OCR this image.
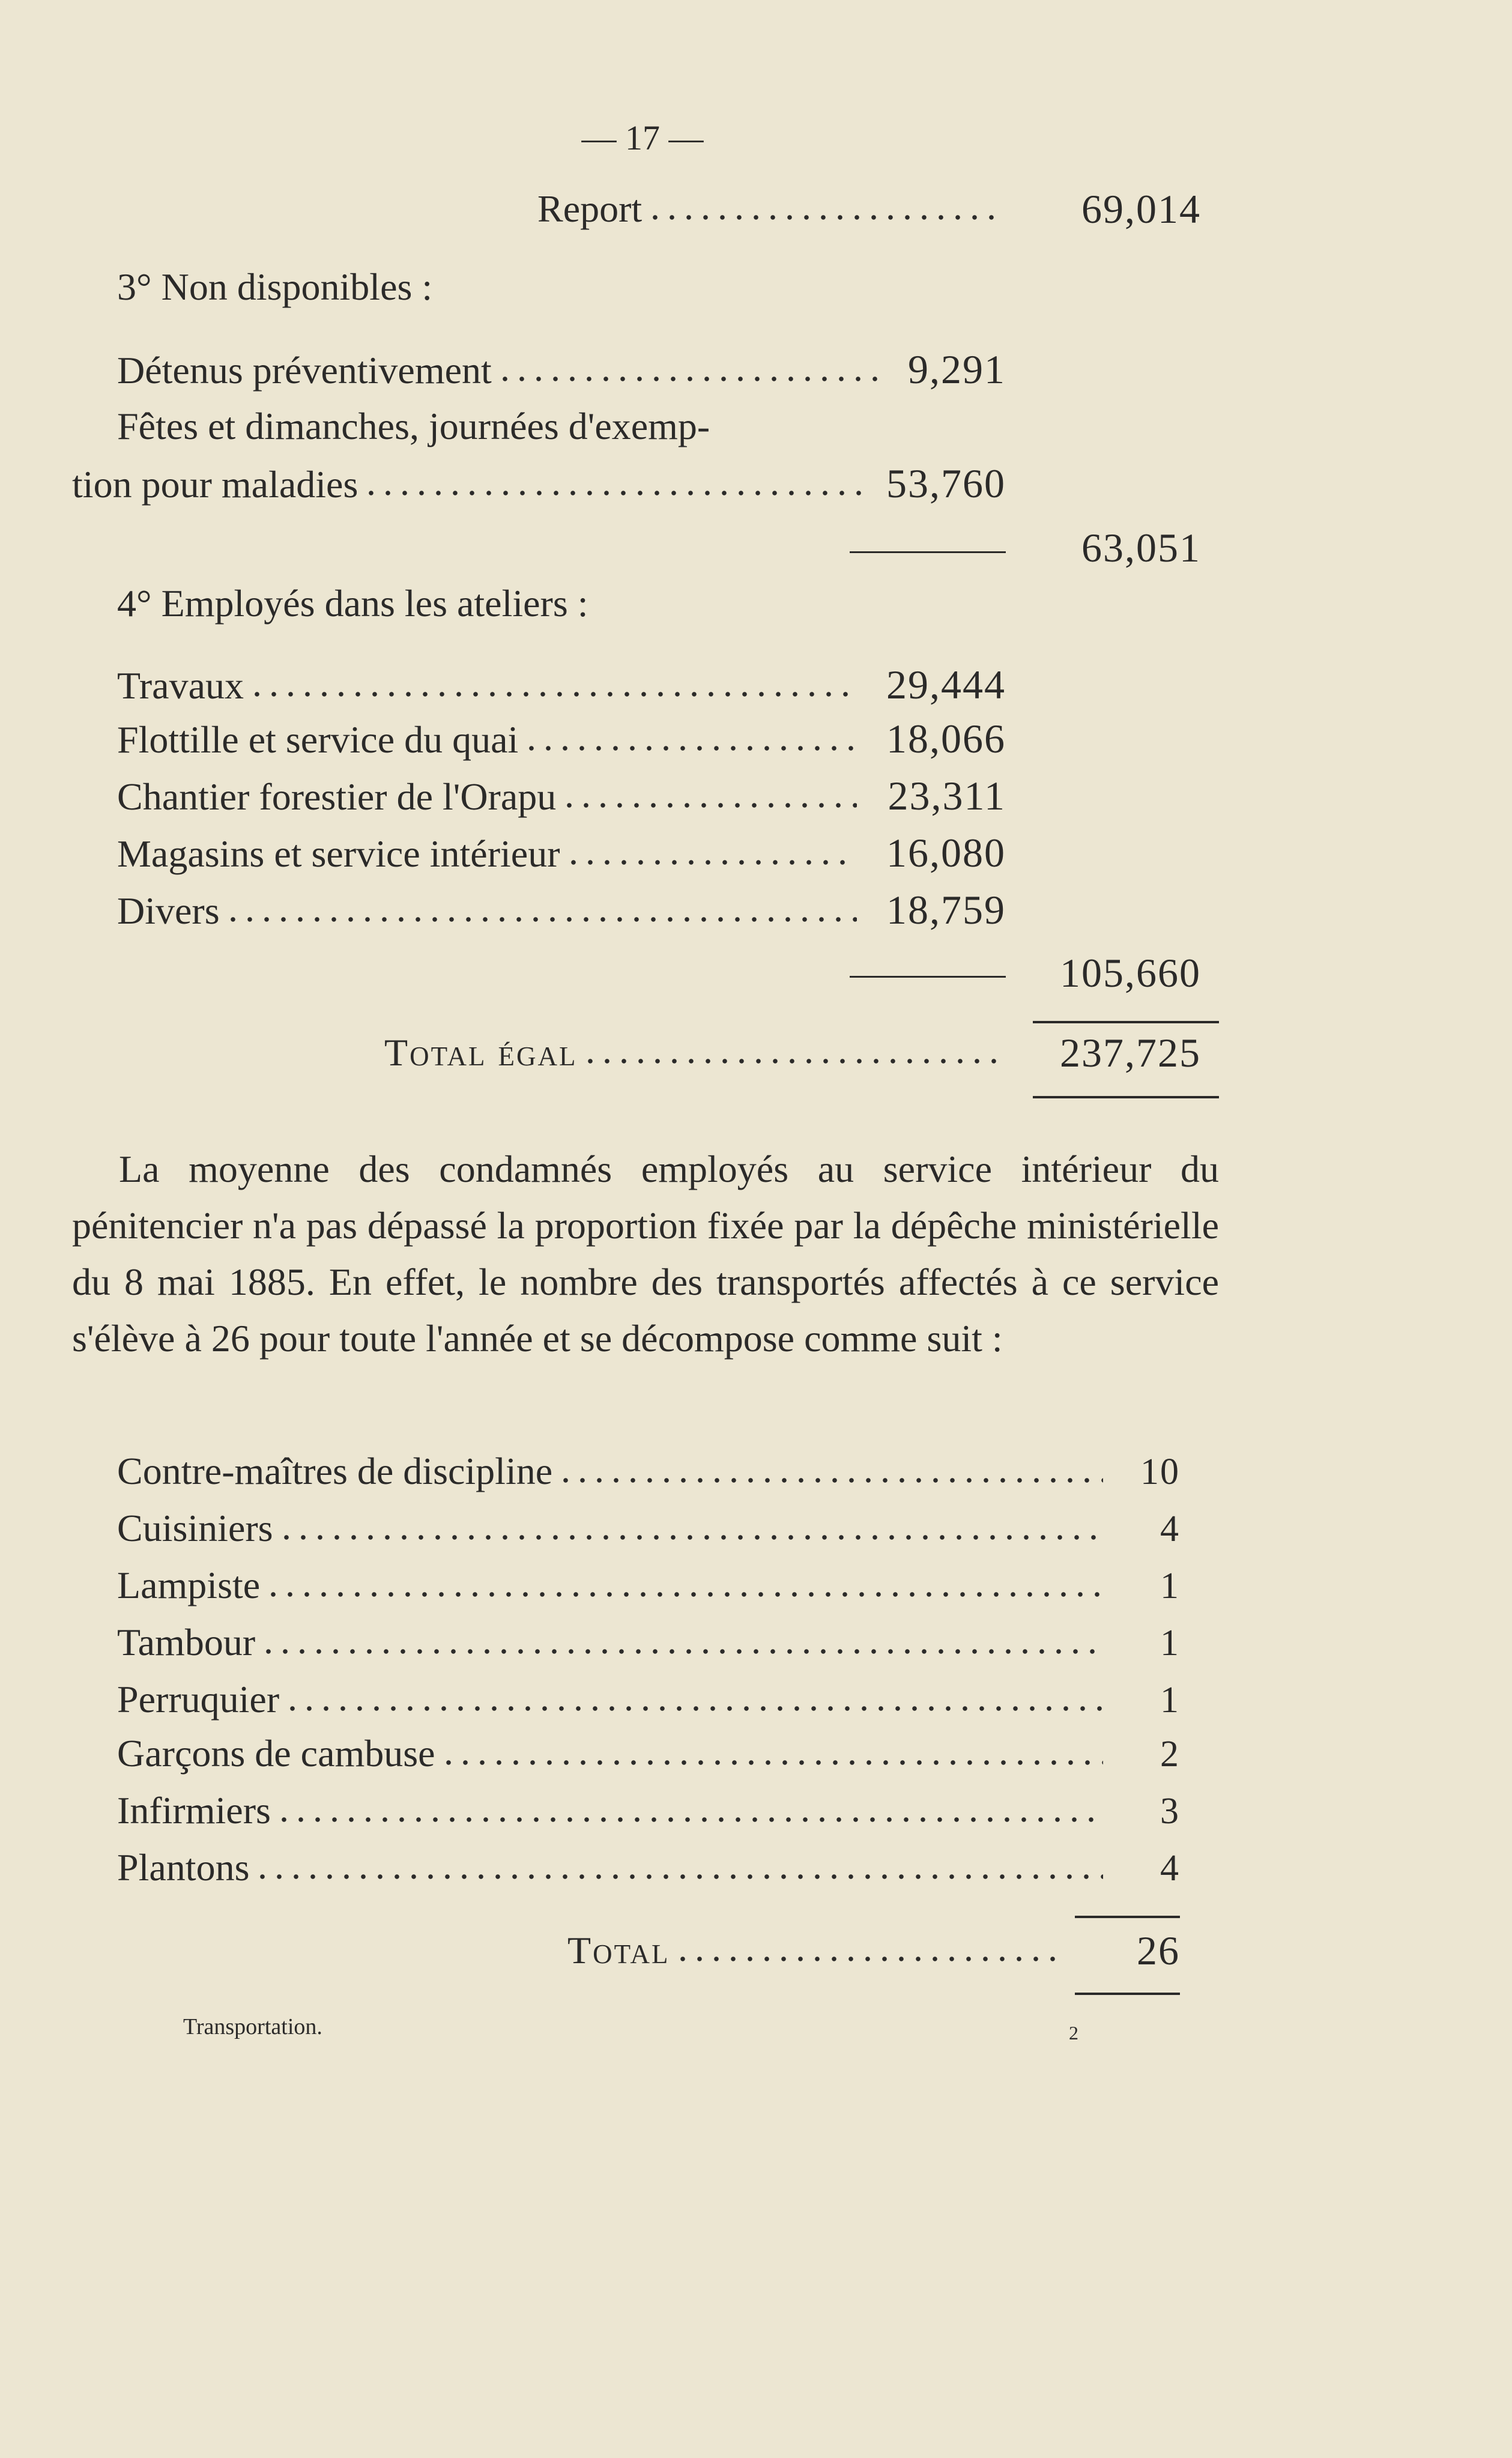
— 17 —
Report	69,014
3° Non disponibles :
Détenus préventivement	9,291
Fêtes et dimanches, journées d'exemp-
tion pour maladies	53,760
63,051
4° Employés dans les ateliers :
Travaux	29,444
Flottille et service du quai	18,066
Chantier forestier de l'Orapu	23,311
Magasins et service intérieur	16,080
Divers	18,759
105,660
Total égal	237,725
La moyenne des condamnés employés au service intérieur du pénitencier n'a pas dépassé la proportion fixée par la dépêche ministérielle du 8 mai 1885. En effet, le nombre des transportés affectés à ce service s'élève à 26 pour toute l'année et se décompose comme suit :
Contre-maîtres de discipline	10
Cuisiniers	4
Lampiste	1
Tambour	1
Perruquier	1
Garçons de cambuse	2
Infirmiers	3
Plantons	4
Total	26
Transportation.	2
